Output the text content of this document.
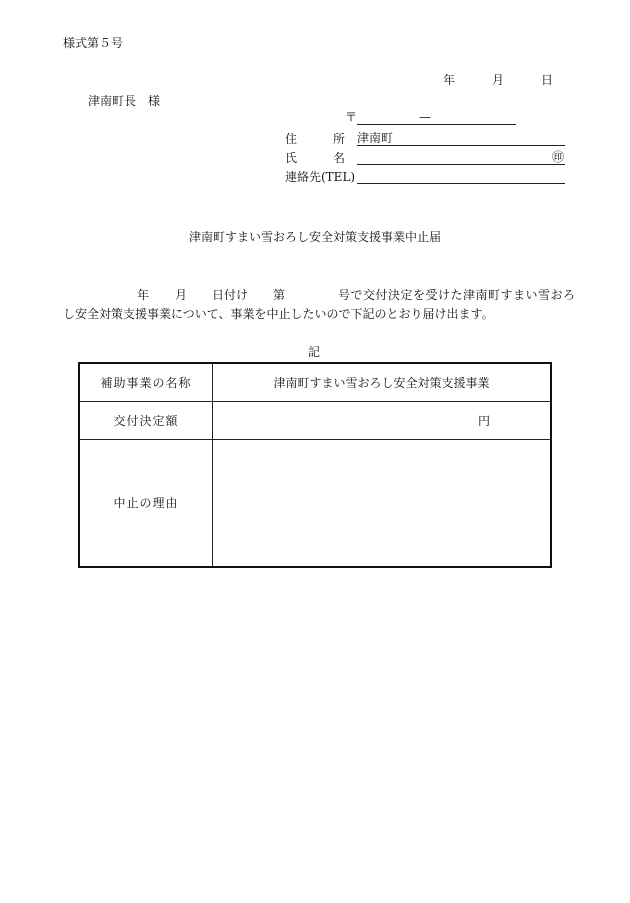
様式第５号
年	月	日
津南町長　様
〒	—
住　　所 津南町
氏　　名	㊞
連絡先(TEL)
津南町すまい雪おろし安全対策支援事業中止届
年 月 日付け 第	号で交付決定を受けた津南町すまい雪おろ
し安全対策支援事業について、事業を中止したいので下記のとおり届け出ます。
記
補助事業の名称	津南町すまい雪おろし安全対策支援事業
交付決定額	円
中止の理由
